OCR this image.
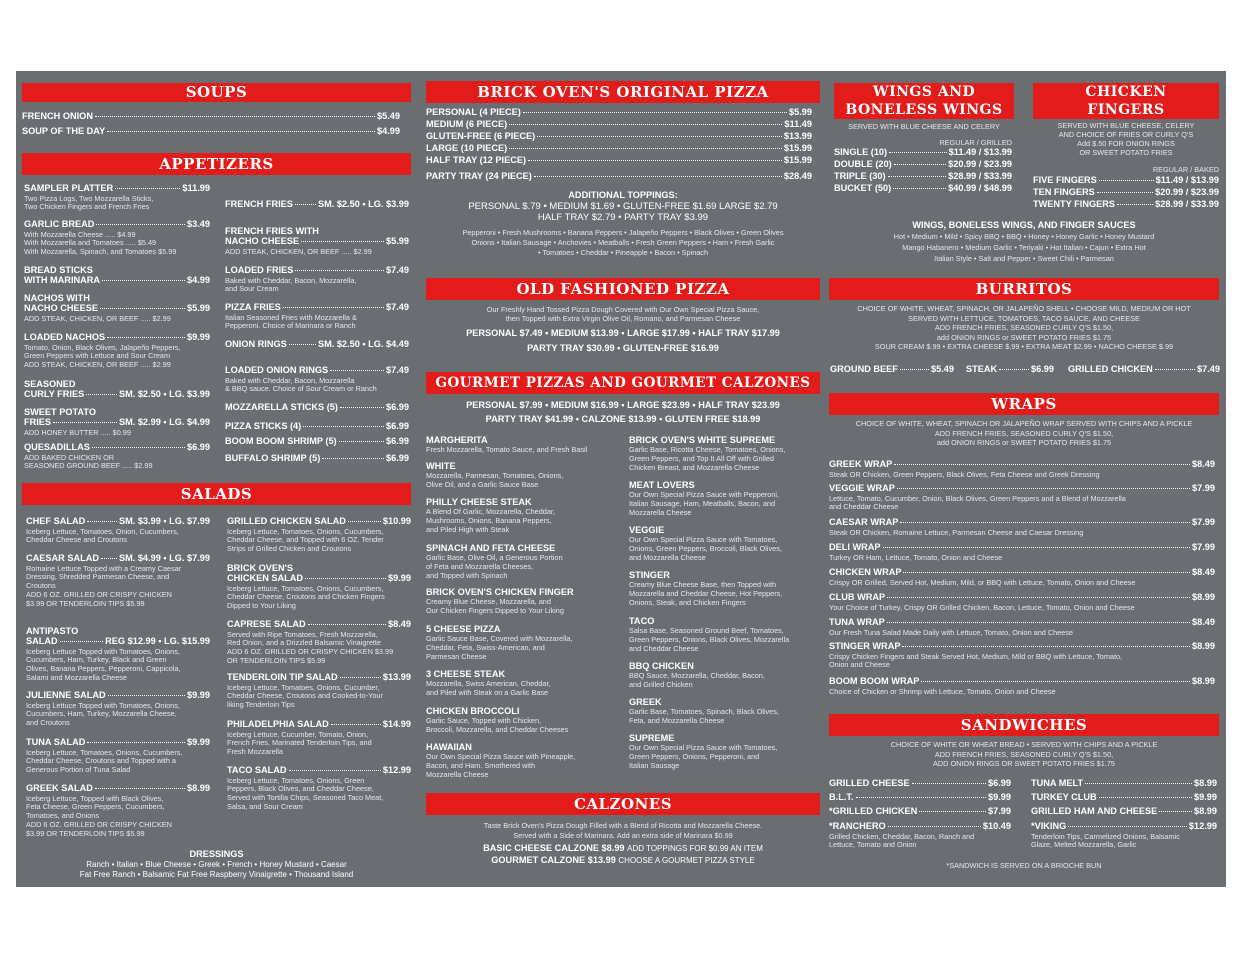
SOUPS
FRENCH ONION	$5.49
SOUP OF THE DAY	$4.99
APPETIZERS
SAMPLER PLATTER	$11.99
Two Pizza Logs, Two Mozzarella Sticks,
Two Chicken Fingers and French Fries
GARLIC BREAD	$3.49
With Mozzarella Cheese ..... $4.99
With Mozzarella and Tomatoes ..... $5.49
With Mozzarella, Spinach, and Tomatoes $5.99
BREAD STICKS
WITH MARINARA	$4.99
NACHOS WITH
NACHO CHEESE	$5.99
ADD STEAK, CHICKEN, OR BEEF ..... $2.99
LOADED NACHOS	$9.99
Tomato, Onion, Black Olives, Jalapeño Peppers,
Green Peppers with Lettuce and Sour Cream
ADD STEAK, CHICKEN, OR BEEF ..... $2.99
SEASONED
CURLY FRIES	SM. $2.50 • LG. $3.99
SWEET POTATO
FRIES	SM. $2.99 • LG. $4.99
ADD HONEY BUTTER ..... $0.99
QUESADILLAS	$6.99
ADD BAKED CHICKEN OR
SEASONED GROUND BEEF ..... $2.99
FRENCH FRIES	SM. $2.50 • LG. $3.99
FRENCH FRIES WITH
NACHO CHEESE	$5.99
ADD STEAK, CHICKEN, OR BEEF ..... $2.99
LOADED FRIES	$7.49
Baked with Cheddar, Bacon, Mozzarella,
and Sour Cream
PIZZA FRIES	$7.49
Italian Seasoned Fries with Mozzarella &
Pepperoni. Choice of Marinara or Ranch
ONION RINGS	SM. $2.50 • LG. $4.49
LOADED ONION RINGS	$7.49
Baked with Cheddar, Bacon, Mozzarella
& BBQ sauce. Choice of Sour Cream or Ranch
MOZZARELLA STICKS (5)	$6.99
PIZZA STICKS (4)	$6.99
BOOM BOOM SHRIMP (5)	$6.99
BUFFALO SHRIMP (5)	$6.99
SALADS
CHEF SALAD	SM. $3.99 • LG. $7.99
Iceberg Lettuce, Tomatoes, Onion, Cucumbers,
Cheddar Cheese and Croutons
CAESAR SALAD SM. $4.99 • LG. $7.99
Romaine Lettuce Topped with a Creamy Caesar
Dressing, Shredded Parmesan Cheese, and
Croutons
ADD 6 OZ. GRILLED OR CRISPY CHICKEN
$3.99 OR TENDERLOIN TIPS $5.99
ANTIPASTO
SALAD	REG $12.99 • LG. $15.99
Iceberg Lettuce Topped with Tomatoes, Onions,
Cucumbers, Ham, Turkey, Black and Green
Olives, Banana Peppers, Pepperoni, Cappicola,
Salami and Mozzarella Cheese
JULIENNE SALAD	$9.99
Iceberg Lettuce Topped with Tomatoes, Onions,
Cucumbers, Ham, Turkey, Mozzarella Cheese,
and Croutons
TUNA SALAD	$9.99
Iceberg Lettuce, Tomatoes, Onions, Cucumbers,
Cheddar Cheese, Croutons and Topped with a
Generous Portion of Tuna Salad
GREEK SALAD	$8.99
Iceberg Lettuce, Topped with Black Olives,
Feta Cheese, Green Peppers, Cucumbers,
Tomatoes, and Onions
ADD 6 OZ. GRILLED OR CRISPY CHICKEN
$3.99 OR TENDERLOIN TIPS $5.99
GRILLED CHICKEN SALAD	$10.99
Iceberg Lettuce, Tomatoes, Onions, Cucumbers,
Cheddar Cheese, and Topped with 6 OZ. Tender
Strips of Grilled Chicken and Croutons
BRICK OVEN'S
CHICKEN SALAD	$9.99
Iceberg Lettuce, Tomatoes, Onions, Cucumbers,
Cheddar Cheese, Croutons and Chicken Fingers
Dipped to Your Liking
CAPRESE SALAD	$8.49
Served with Ripe Tomatoes, Fresh Mozzarella,
Red Onion, and a Drizzled Balsamic Vinaigrette
ADD 6 OZ. GRILLED OR CRISPY CHICKEN $3.99
OR TENDERLOIN TIPS $5.99
TENDERLOIN TIP SALAD	$13.99
Iceberg Lettuce, Tomatoes, Onions, Cucumber,
Cheddar Cheese, Croutons and Cooked-to-Your
liking Tenderloin Tips
PHILADELPHIA SALAD	$14.99
Iceberg Lettuce, Cucumber, Tomato, Onion,
French Fries, Marinated Tenderloin Tips, and
Fresh Mozzarella
TACO SALAD	$12.99
Iceberg Lettuce, Tomatoes, Onions, Green
Peppers, Black Olives, and Cheddar Cheese,
Served with Tortilla Chips, Seasoned Taco Meat,
Salsa, and Sour Cream
DRESSINGS
Ranch • Italian • Blue Cheese • Greek • French • Honey Mustard • Caesar
Fat Free Ranch • Balsamic Fat Free Raspberry Vinaigrette • Thousand Island
BRICK OVEN'S ORIGINAL PIZZA
PERSONAL (4 PIECE)	$5.99
MEDIUM (6 PIECE)	$11.49
GLUTEN-FREE (6 PIECE)	$13.99
LARGE (10 PIECE)	$15.99
HALF TRAY (12 PIECE)	$15.99
PARTY TRAY (24 PIECE)	$28.49
ADDITIONAL TOPPINGS:
PERSONAL $.79 • MEDIUM $1.69 • GLUTEN-FREE $1.69 LARGE $2.79
HALF TRAY $2.79 • PARTY TRAY $3.99
Pepperoni • Fresh Mushrooms • Banana Peppers • Jalapeño Peppers • Black Olives • Green Olives
Onions • Italian Sausage • Anchovies • Meatballs • Fresh Green Peppers • Ham • Fresh Garlic
• Tomatoes • Cheddar • Pineapple • Bacon • Spinach
OLD FASHIONED PIZZA
Our Freshly Hand Tossed Pizza Dough Covered with Our Own Special Pizza Sauce,
then Topped with Extra Virgin Olive Oil, Romano, and Parmesan Cheese
PERSONAL $7.49 • MEDIUM $13.99 • LARGE $17.99 • HALF TRAY $17.99
PARTY TRAY $30.99 • GLUTEN-FREE $16.99
GOURMET PIZZAS AND GOURMET CALZONES
PERSONAL $7.99 • MEDIUM $16.99 • LARGE $23.99 • HALF TRAY $23.99
PARTY TRAY $41.99 • CALZONE $13.99 • GLUTEN FREE $18.99
MARGHERITA
Fresh Mozzarella, Tomato Sauce, and Fresh Basil
WHITE
Mozzarella, Parmesan, Tomatoes, Onions,
Olive Oil, and a Garlic Sauce Base
PHILLY CHEESE STEAK
A Blend Of Garlic, Mozzarella, Cheddar,
Mushrooms, Onions, Banana Peppers,
and Piled High with Steak
SPINACH AND FETA CHEESE
Garlic Base, Olive Oil, a Generous Portion
of Feta and Mozzarella Cheeses,
and Topped with Spinach
BRICK OVEN'S CHICKEN FINGER
Creamy Blue Cheese, Mozzarella, and
Our Chicken Fingers Dipped to Your Liking
5 CHEESE PIZZA
Garlic Sauce Base, Covered with Mozzarella,
Cheddar, Feta, Swiss-American, and
Parmesan Cheese
3 CHEESE STEAK
Mozzarella, Swiss American, Cheddar,
and Piled with Steak on a Garlic Base
CHICKEN BROCCOLI
Garlic Sauce, Topped with Chicken,
Broccoli, Mozzarella, and Cheddar Cheeses
HAWAIIAN
Our Own Special Pizza Sauce with Pineapple,
Bacon, and Ham. Smothered with
Mozzarella Cheese
BRICK OVEN'S WHITE SUPREME
Garlic Base, Ricotta Cheese, Tomatoes, Onions,
Green Peppers, and Top It All Off with Grilled
Chicken Breast, and Mozzarella Cheese
MEAT LOVERS
Our Own Special Pizza Sauce with Pepperoni,
Italian Sausage, Ham, Meatballs, Bacon, and
Mozzarella Cheese
VEGGIE
Our Own Special Pizza Sauce with Tomatoes,
Onions, Green Peppers, Broccoli, Black Olives,
and Mozzarella Cheese
STINGER
Creamy Blue Cheese Base, then Topped with
Mozzarella and Cheddar Cheese, Hot Peppers,
Onions, Steak, and Chicken Fingers
TACO
Salsa Base, Seasoned Ground Beef, Tomatoes,
Green Peppers, Onions, Black Olives, Mozzarella
and Cheddar Cheese
BBQ CHICKEN
BBQ Sauce, Mozzarella, Cheddar, Bacon,
and Grilled Chicken
GREEK
Garlic Base, Tomatoes, Spinach, Black Olives,
Feta, and Mozzarella Cheese
SUPREME
Our Own Special Pizza Sauce with Tomatoes,
Green Peppers, Onions, Pepperoni, and
Italian Sausage
CALZONES
Taste Brick Oven's Pizza Dough Filled with a Blend of Ricotta and Mozzarella Cheese.
Served with a Side of Marinara. Add an extra side of Marinara $0.99
BASIC CHEESE CALZONE $8.99 ADD TOPPINGS FOR $0.99 AN ITEM
GOURMET CALZONE $13.99 CHOOSE A GOURMET PIZZA STYLE
WINGS AND
BONELESS WINGS
SERVED WITH BLUE CHEESE AND CELERY
REGULAR / GRILLED
SINGLE (10)	$11.49 / $13.99
DOUBLE (20)	$20.99 / $23.99
TRIPLE (30)	$28.99 / $33.99
BUCKET (50)	$40.99 / $48.99
CHICKEN
FINGERS
SERVED WITH BLUE CHEESE, CELERY
AND CHOICE OF FRIES OR CURLY Q'S
Add $.50 FOR ONION RINGS
OR SWEET POTATO FRIES
REGULAR / BAKED
FIVE FINGERS	$11.49 / $13.99
TEN FINGERS	$20.99 / $23.99
TWENTY FINGERS	$28.99 / $33.99
WINGS, BONELESS WINGS, AND FINGER SAUCES
Hot • Medium • Mild • Spicy BBQ • BBQ • Honey • Honey Garlic • Honey Mustard
Mango Habanero • Medium Garlic • Teriyaki • Hot Italian • Cajun • Extra Hot
Italian Style • Salt and Pepper • Sweet Chili • Parmesan
BURRITOS
CHOICE OF WHITE, WHEAT, SPINACH, OR JALAPEÑO SHELL • CHOOSE MILD, MEDIUM OR HOT
SERVED WITH LETTUCE, TOMATOES, TACO SAUCE, AND CHEESE
ADD FRENCH FRIES, SEASONED CURLY Q'S $1.50,
add ONION RINGS or SWEET POTATO FRIES $1.75
SOUR CREAM $.99 • EXTRA CHEESE $.99 • EXTRA MEAT $2.99 • NACHO CHEESE $.99
GROUND BEEF	$5.49 STEAK	$6.99 GRILLED CHICKEN	$7.49
WRAPS
CHOICE OF WHITE, WHEAT, SPINACH OR JALAPEÑO WRAP SERVED WITH CHIPS AND A PICKLE
ADD FRENCH FRIES, SEASONED CURLY Q'S $1.50,
add ONION RINGS or SWEET POTATO FRIES $1.75
GREEK WRAP	$8.49
Steak OR Chicken, Green Peppers, Black Olives, Feta Cheese and Greek Dressing
VEGGIE WRAP	$7.99
Lettuce, Tomato, Cucumber, Onion, Black Olives, Green Peppers and a Blend of Mozzarella
and Cheddar Cheese
CAESAR WRAP	$7.99
Steak OR Chicken, Romaine Lettuce, Parmesan Cheese and Caesar Dressing
DELI WRAP	$7.99
Turkey OR Ham, Lettuce, Tomato, Onion and Cheese
CHICKEN WRAP	$8.49
Crispy OR Grilled, Served Hot, Medium, Mild, or BBQ with Lettuce, Tomato, Onion and Cheese
CLUB WRAP	$8.99
Your Choice of Turkey, Crispy OR Grilled Chicken, Bacon, Lettuce, Tomato, Onion and Cheese
TUNA WRAP	$8.49
Our Fresh Tuna Salad Made Daily with Lettuce, Tomato, Onion and Cheese
STINGER WRAP	$8.99
Crispy Chicken Fingers and Steak Served Hot, Medium, Mild or BBQ with Lettuce, Tomato,
Onion and Cheese
BOOM BOOM WRAP	$8.99
Choice of Chicken or Shrimp with Lettuce, Tomato, Onion and Cheese
SANDWICHES
CHOICE OF WHITE OR WHEAT BREAD • SERVED WITH CHIPS AND A PICKLE
ADD FRENCH FRIES, SEASONED CURLY Q'S $1.50,
ADD ONION RINGS OR SWEET POTATO FRIES $1.75
GRILLED CHEESE	$6.99
B.L.T.	$9.99
*GRILLED CHICKEN	$7.99
*RANCHERO	$10.49
Grilled Chicken, Cheddar, Bacon, Ranch and
Lettuce, Tomato and Onion
TUNA MELT	$8.99
TURKEY CLUB	$9.99
GRILLED HAM AND CHEESE	$8.99
*VIKING	$12.99
Tenderloin Tips, Carmelized Onions, Balsamic
Glaze, Melted Mozzarella, Garlic
*SANDWICH IS SERVED ON A BRIOCHE BUN
